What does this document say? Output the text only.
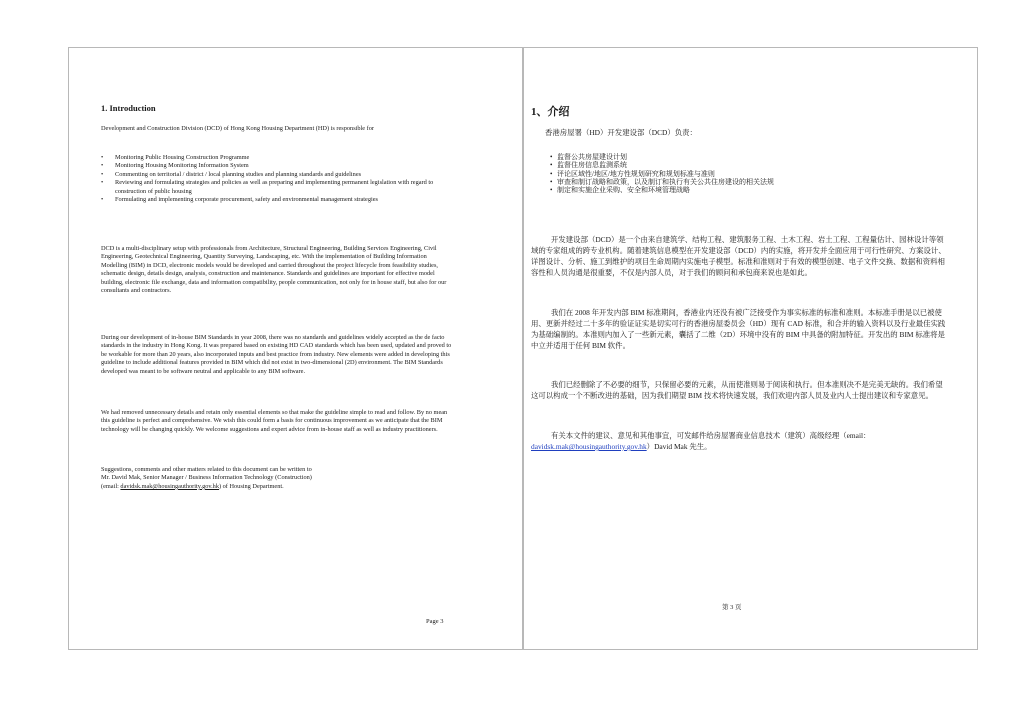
1. Introduction

Development and Construction Division (DCD) of Hong Kong Housing Department (HD) is responsible for

• Monitoring Public Housing Construction Programme
• Monitoring Housing Monitoring Information System
• Commenting on territorial / district / local planning studies and planning standards and guidelines
• Reviewing and formulating strategies and policies as well as preparing and implementing permanent legislation with regard to construction of public housing
• Formulating and implementing corporate procurement, safety and environmental management strategies

DCD is a multi-disciplinary setup with professionals from Architecture, Structural Engineering, Building Services Engineering, Civil Engineering, Geotechnical Engineering, Quantity Surveying, Landscaping, etc. With the implementation of Building Information Modelling (BIM) in DCD, electronic models would be developed and carried throughout the project lifecycle from feasibility studies, schematic design, details design, analysis, construction and maintenance. Standards and guidelines are important for effective model building, electronic file exchange, data and information compatibility, people communication, not only for in house staff, but also for our consultants and contractors.

During our development of in-house BIM Standards in year 2008, there was no standards and guidelines widely accepted as the de facto standards in the industry in Hong Kong. It was prepared based on existing HD CAD standards which has been used, updated and proved to be workable for more than 20 years, also incorporated inputs and best practice from industry. New elements were added in developing this guideline to include additional features provided in BIM which did not exist in two-dimensional (2D) environment. The BIM Standards developed was meant to be software neutral and applicable to any BIM software.

We had removed unnecessary details and retain only essential elements so that make the guideline simple to read and follow. By no mean this guideline is perfect and comprehensive. We wish this could form a basis for continuous improvement as we anticipate that the BIM technology will be changing quickly. We welcome suggestions and expert advice from in-house staff as well as industry practitioners.

Suggestions, comments and other matters related to this document can be written to
Mr. David Mak, Senior Manager / Business Information Technology (Construction)
(email: davidsk.mak@housingauthority.gov.hk) of Housing Department.
Page 3
1、介绍

香港房屋署（HD）开发建设部（DCD）负责：

• 监督公共房屋建设计划
• 监督住房信息监测系统
• 评论区域性/地区/地方性规划研究和规划标准与准则
• 审查和制订战略和政策，以及制订和执行有关公共住房建设的相关法规
• 制定和实施企业采购、安全和环境管理战略

开发建设部（DCD）是一个由来自建筑学、结构工程、建筑服务工程、土木工程、岩土工程、工程量估计、园林设计等领域的专家组成的跨专业机构。随着建筑信息模型在开发建设部（DCD）内的实施，将开发并全面应用于可行性研究、方案设计、详图设计、分析、施工到维护的项目生命周期内实施电子模型。标准和准则对于有效的模型创建、电子文件交换、数据和资料相容性和人员沟通是很重要，不仅是内部人员，对于我们的顾问和承包商来说也是如此。

我们在 2008 年开发内部 BIM 标准期间，香港业内还没有被广泛接受作为事实标准的标准和准则。本标准手册是以已被使用、更新并经过二十多年的验证证实是切实可行的香港房屋委员会（HD）现有 CAD 标准，和合并的输入资料以及行业最佳实践为基础编制的。本准则内加入了一些新元素，囊括了二维（2D）环境中没有的 BIM 中具备的附加特征。开发出的 BIM 标准将是中立并适用于任何 BIM 软件。

我们已经删除了不必要的细节，只保留必要的元素，从而使准则易于阅读和执行。但本准则决不是完美无缺的。我们希望这可以构成一个不断改进的基础，因为我们期望 BIM 技术将快速发展，我们欢迎内部人员及业内人士提出建议和专家意见。

有关本文件的建议、意见和其他事宜，可发邮件给房屋署商业信息技术（建筑）高级经理（email：davidsk.mak@housingauthority.gov.hk）David Mak 先生。

第 3 页
